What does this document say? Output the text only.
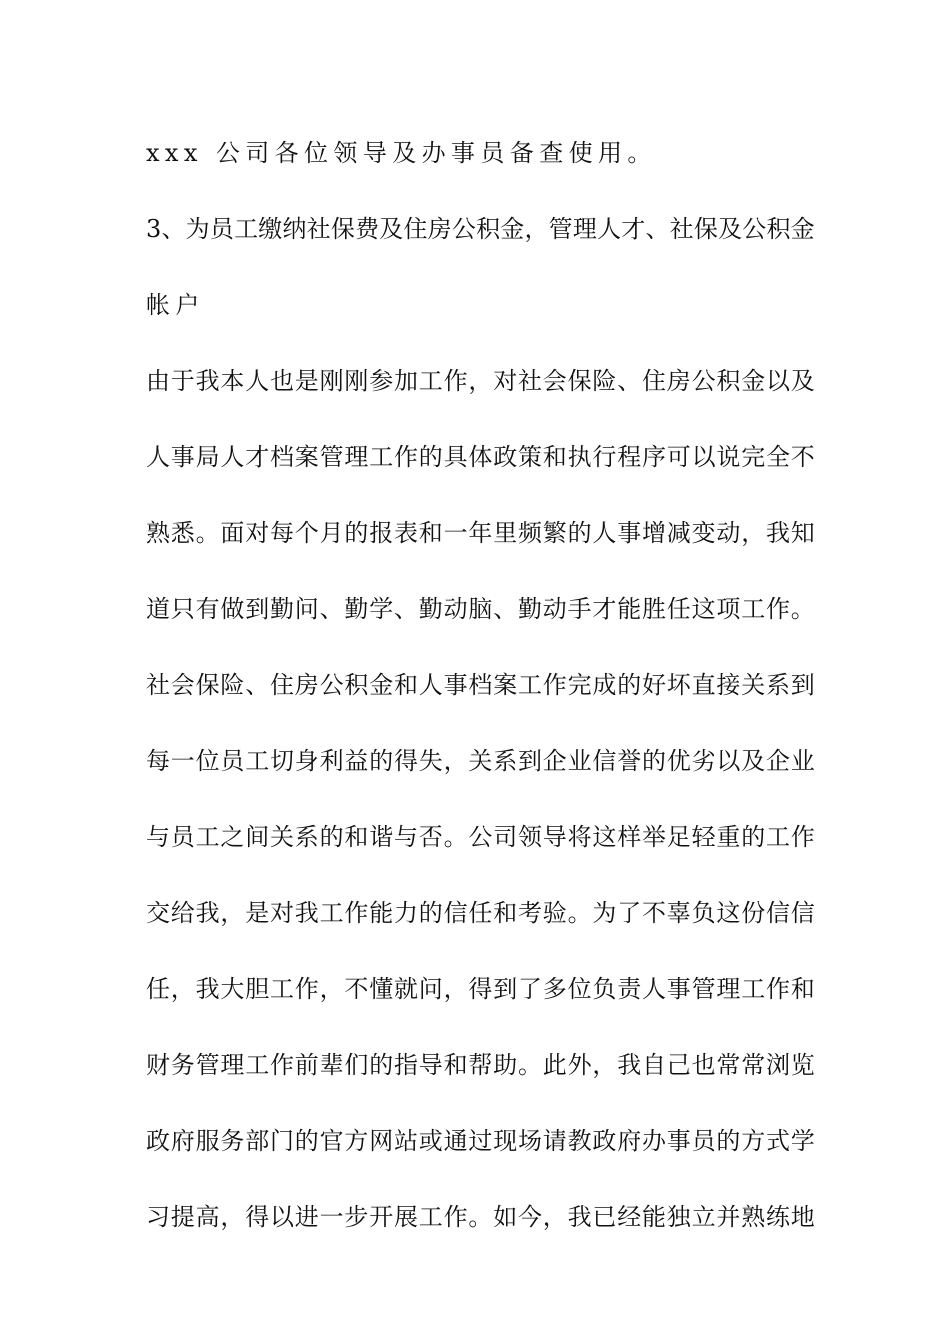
xxx 公司各位领导及办事员备查使用。
3、为员工缴纳社保费及住房公积金，管理人才、社保及公积金
帐户
由于我本人也是刚刚参加工作，对社会保险、住房公积金以及
人事局人才档案管理工作的具体政策和执行程序可以说完全不
熟悉。面对每个月的报表和一年里频繁的人事增减变动，我知
道只有做到勤问、勤学、勤动脑、勤动手才能胜任这项工作。
社会保险、住房公积金和人事档案工作完成的好坏直接关系到
每一位员工切身利益的得失，关系到企业信誉的优劣以及企业
与员工之间关系的和谐与否。公司领导将这样举足轻重的工作
交给我，是对我工作能力的信任和考验。为了不辜负这份信信
任，我大胆工作，不懂就问，得到了多位负责人事管理工作和
财务管理工作前辈们的指导和帮助。此外，我自己也常常浏览
政府服务部门的官方网站或通过现场请教政府办事员的方式学
习提高，得以进一步开展工作。如今，我已经能独立并熟练地
